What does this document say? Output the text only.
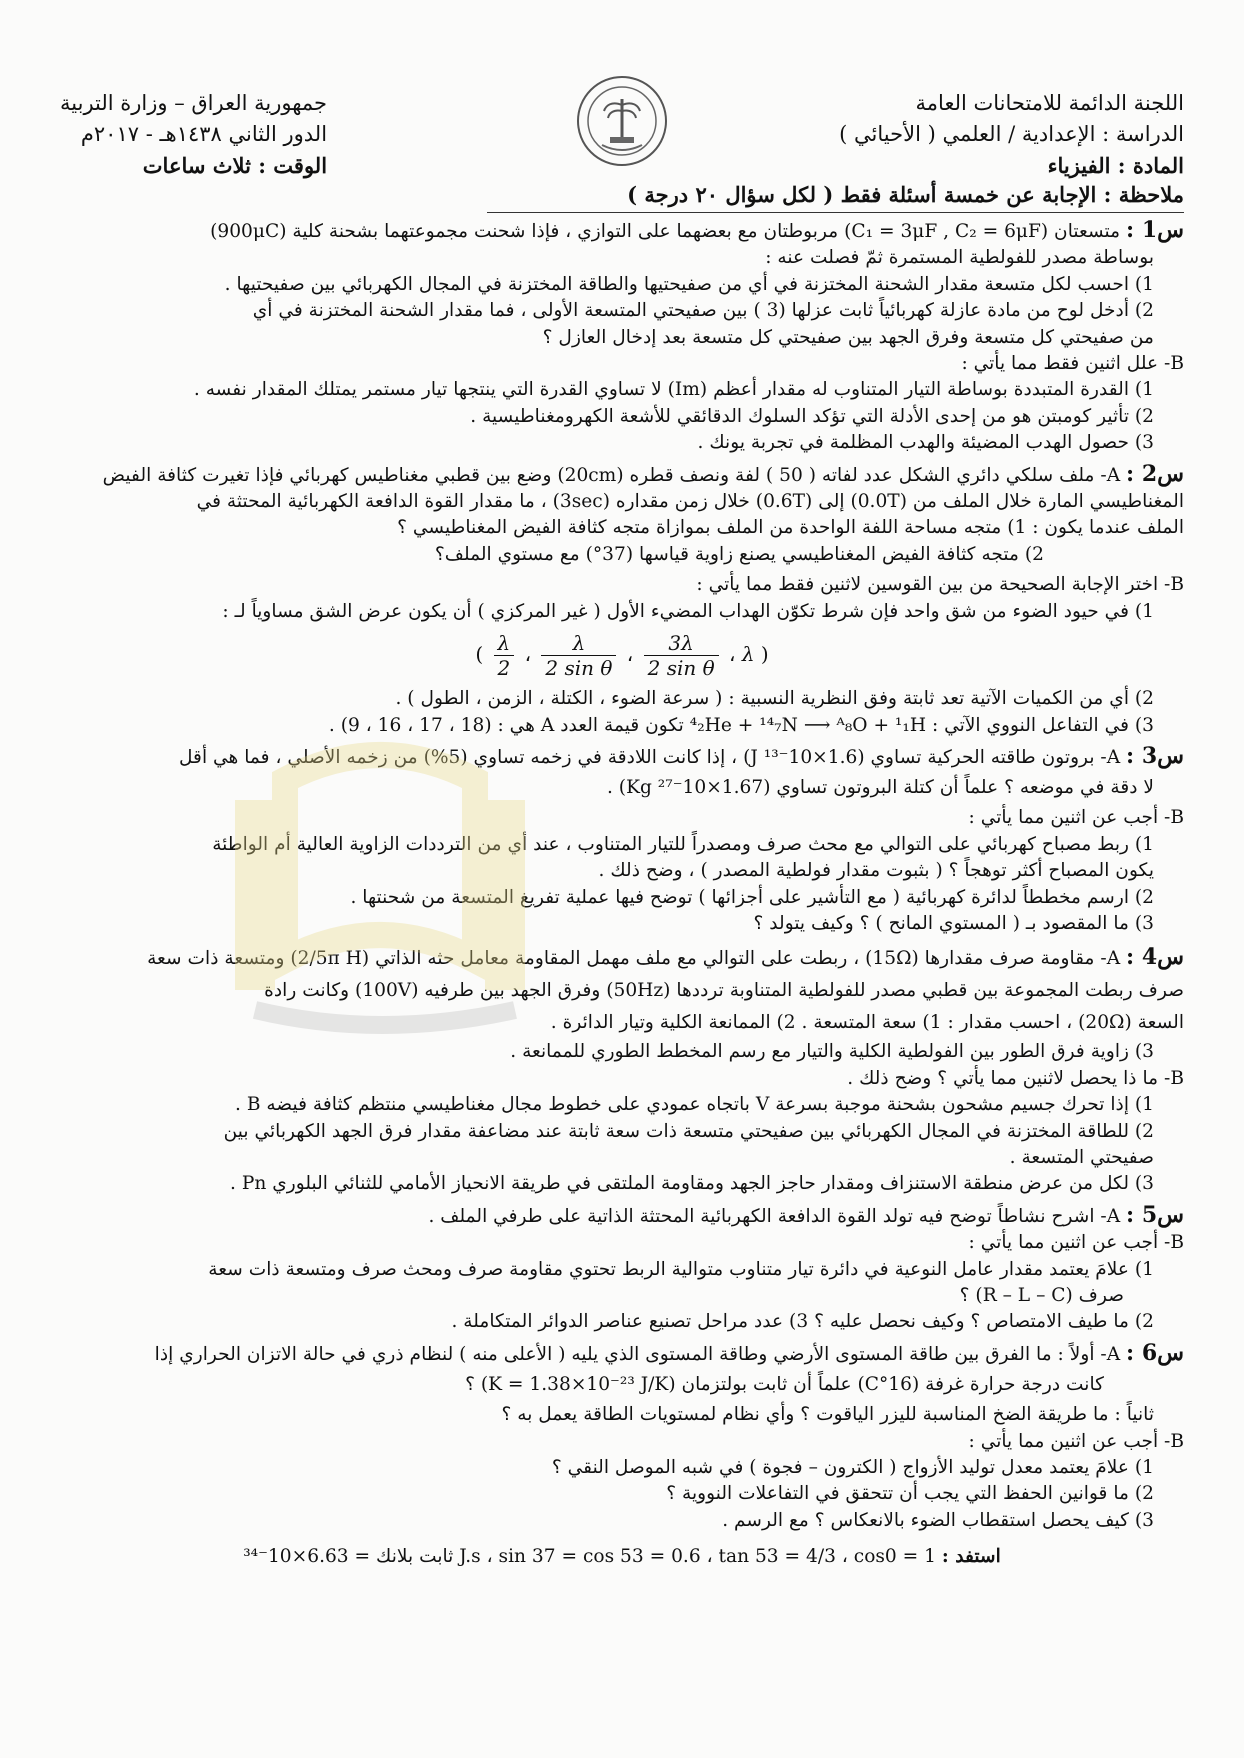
اللجنة الدائمة للامتحانات العامة
الدراسة : الإعدادية / العلمي ( الأحيائي )
المادة : الفيزياء
جمهورية العراق – وزارة التربية
الدور الثاني ١٤٣٨هـ - ٢٠١٧م
الوقت : ثلاث ساعات
ملاحظة : الإجابة عن خمسة أسئلة فقط ( لكل سؤال ٢٠ درجة )
س1 : متسعتان (C₁ = 3μF , C₂ = 6μF) مربوطتان مع بعضهما على التوازي ، فإذا شحنت مجموعتهما بشحنة كلية (900μC)
بوساطة مصدر للفولطية المستمرة ثمّ فصلت عنه :
1) احسب لكل متسعة مقدار الشحنة المختزنة في أي من صفيحتيها والطاقة المختزنة في المجال الكهربائي بين صفيحتيها .
2) أدخل لوح من مادة عازلة كهربائياً ثابت عزلها (3 ) بين صفيحتي المتسعة الأولى ، فما مقدار الشحنة المختزنة في أي
من صفيحتي كل متسعة وفرق الجهد بين صفيحتي كل متسعة بعد إدخال العازل ؟
B- علل اثنين فقط مما يأتي :
1) القدرة المتبددة بوساطة التيار المتناوب له مقدار أعظم (Im) لا تساوي القدرة التي ينتجها تيار مستمر يمتلك المقدار نفسه .
2) تأثير كومبتن هو من إحدى الأدلة التي تؤكد السلوك الدقائقي للأشعة الكهرومغناطيسية .
3) حصول الهدب المضيئة والهدب المظلمة في تجربة يونك .
س2 : A- ملف سلكي دائري الشكل عدد لفاته ( 50 ) لفة ونصف قطره (20cm) وضع بين قطبي مغناطيس كهربائي فإذا تغيرت كثافة الفيض
المغناطيسي المارة خلال الملف من (0.0T) إلى (0.6T) خلال زمن مقداره (3sec) ، ما مقدار القوة الدافعة الكهربائية المحتثة في
الملف عندما يكون : 1) متجه مساحة اللفة الواحدة من الملف بموازاة متجه كثافة الفيض المغناطيسي ؟
2) متجه كثافة الفيض المغناطيسي يصنع زاوية قياسها (37°) مع مستوي الملف؟
B- اختر الإجابة الصحيحة من بين القوسين لاثنين فقط مما يأتي :
1) في حيود الضوء من شق واحد فإن شرط تكوّن الهداب المضيء الأول ( غير المركزي ) أن يكون عرض الشق مساوياً لـ :
( $\frac{\lambda}{2}$ ، $\frac{\lambda}{\text{2 sin θ}}$ ، $\frac{3\lambda}{\text{2 sin θ}}$ ، λ )
2) أي من الكميات الآتية تعد ثابتة وفق النظرية النسبية : ( سرعة الضوء ، الكتلة ، الزمن ، الطول ) .
3) في التفاعل النووي الآتي : ⁴₂He + ¹⁴₇N ⟶ ᴬ₈O + ¹₁H تكون قيمة العدد A هي : (18 ، 17 ، 16 ، 9) .
س3 : A- بروتون طاقته الحركية تساوي (1.6×10⁻¹³ J) ، إذا كانت اللادقة في زخمه تساوي (5%) من زخمه الأصلي ، فما هي أقل
لا دقة في موضعه ؟ علماً أن كتلة البروتون تساوي (1.67×10⁻²⁷ Kg) .
B- أجب عن اثنين مما يأتي :
1) ربط مصباح كهربائي على التوالي مع محث صرف ومصدراً للتيار المتناوب ، عند أي من الترددات الزاوية العالية أم الواطئة
يكون المصباح أكثر توهجاً ؟ ( بثبوت مقدار فولطية المصدر ) ، وضح ذلك .
2) ارسم مخططاً لدائرة كهربائية ( مع التأشير على أجزائها ) توضح فيها عملية تفريغ المتسعة من شحنتها .
3) ما المقصود بـ ( المستوي المانح ) ؟ وكيف يتولد ؟
س4 : A- مقاومة صرف مقدارها (15Ω) ، ربطت على التوالي مع ملف مهمل المقاومة معامل حثه الذاتي (2/5π H) ومتسعة ذات سعة
صرف ربطت المجموعة بين قطبي مصدر للفولطية المتناوبة ترددها (50Hz) وفرق الجهد بين طرفيه (100V) وكانت رادة
السعة (20Ω) ، احسب مقدار : 1) سعة المتسعة . 2) الممانعة الكلية وتيار الدائرة .
3) زاوية فرق الطور بين الفولطية الكلية والتيار مع رسم المخطط الطوري للممانعة .
B- ما ذا يحصل لاثنين مما يأتي ؟ وضح ذلك .
1) إذا تحرك جسيم مشحون بشحنة موجبة بسرعة V باتجاه عمودي على خطوط مجال مغناطيسي منتظم كثافة فيضه B .
2) للطاقة المختزنة في المجال الكهربائي بين صفيحتي متسعة ذات سعة ثابتة عند مضاعفة مقدار فرق الجهد الكهربائي بين
صفيحتي المتسعة .
3) لكل من عرض منطقة الاستنزاف ومقدار حاجز الجهد ومقاومة الملتقى في طريقة الانحياز الأمامي للثنائي البلوري Pn .
س5 : A- اشرح نشاطاً توضح فيه تولد القوة الدافعة الكهربائية المحتثة الذاتية على طرفي الملف .
B- أجب عن اثنين مما يأتي :
1) علامَ يعتمد مقدار عامل النوعية في دائرة تيار متناوب متوالية الربط تحتوي مقاومة صرف ومحث صرف ومتسعة ذات سعة
صرف (R – L – C) ؟
2) ما طيف الامتصاص ؟ وكيف نحصل عليه ؟ 3) عدد مراحل تصنيع عناصر الدوائر المتكاملة .
س6 : A- أولاً : ما الفرق بين طاقة المستوى الأرضي وطاقة المستوى الذي يليه ( الأعلى منه ) لنظام ذري في حالة الاتزان الحراري إذا
كانت درجة حرارة غرفة (16°C) علماً أن ثابت بولتزمان (K = 1.38×10⁻²³ J/K) ؟
ثانياً : ما طريقة الضخ المناسبة لليزر الياقوت ؟ وأي نظام لمستويات الطاقة يعمل به ؟
B- أجب عن اثنين مما يأتي :
1) علامَ يعتمد معدل توليد الأزواج ( الكترون – فجوة ) في شبه الموصل النقي ؟
2) ما قوانين الحفظ التي يجب أن تتحقق في التفاعلات النووية ؟
3) كيف يحصل استقطاب الضوء بالانعكاس ؟ مع الرسم .
استفد : ثابت بلانك = 6.63×10⁻³⁴ J.s ، sin 37 = cos 53 = 0.6 ، tan 53 = 4/3 ، cos0 = 1
